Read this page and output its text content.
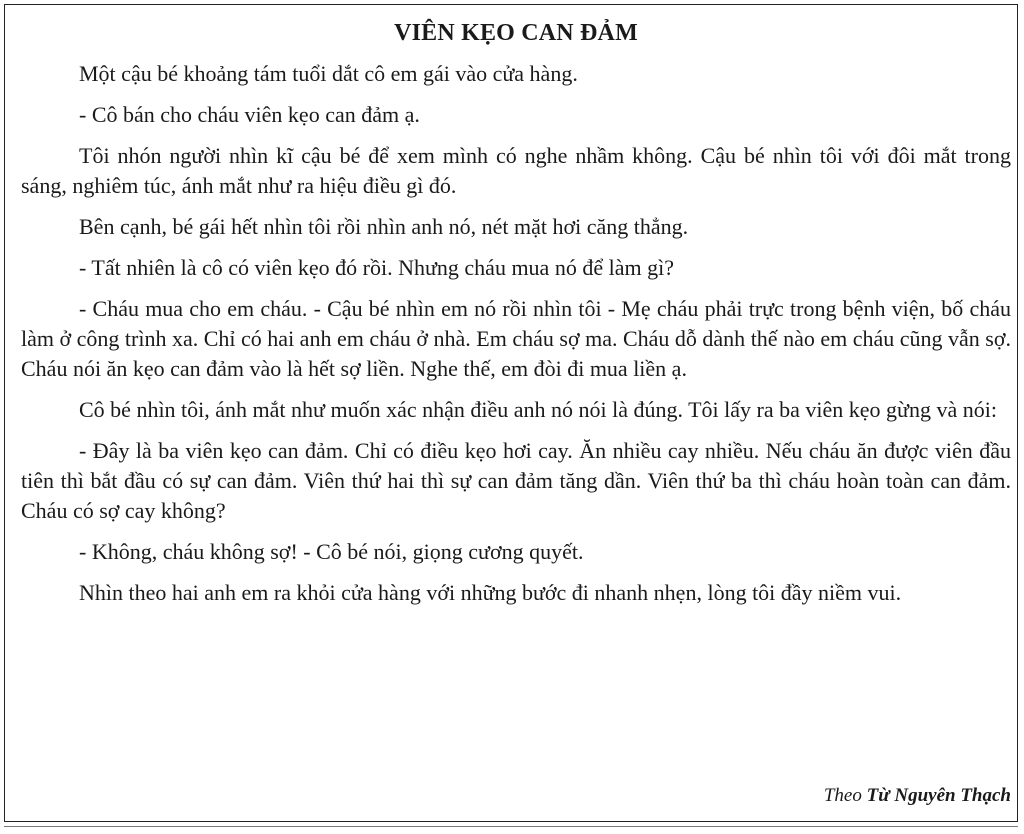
VIÊN KẸO CAN ĐẢM

Một cậu bé khoảng tám tuổi dắt cô em gái vào cửa hàng.

- Cô bán cho cháu viên kẹo can đảm ạ.

Tôi nhón người nhìn kĩ cậu bé để xem mình có nghe nhầm không. Cậu bé nhìn tôi với đôi mắt trong sáng, nghiêm túc, ánh mắt như ra hiệu điều gì đó.

Bên cạnh, bé gái hết nhìn tôi rồi nhìn anh nó, nét mặt hơi căng thẳng.

- Tất nhiên là cô có viên kẹo đó rồi. Nhưng cháu mua nó để làm gì?

- Cháu mua cho em cháu. - Cậu bé nhìn em nó rồi nhìn tôi - Mẹ cháu phải trực trong bệnh viện, bố cháu làm ở công trình xa. Chỉ có hai anh em cháu ở nhà. Em cháu sợ ma. Cháu dỗ dành thế nào em cháu cũng vẫn sợ. Cháu nói ăn kẹo can đảm vào là hết sợ liền. Nghe thế, em đòi đi mua liền ạ.

Cô bé nhìn tôi, ánh mắt như muốn xác nhận điều anh nó nói là đúng. Tôi lấy ra ba viên kẹo gừng và nói:

- Đây là ba viên kẹo can đảm. Chỉ có điều kẹo hơi cay. Ăn nhiều cay nhiều. Nếu cháu ăn được viên đầu tiên thì bắt đầu có sự can đảm. Viên thứ hai thì sự can đảm tăng dần. Viên thứ ba thì cháu hoàn toàn can đảm. Cháu có sợ cay không?

- Không, cháu không sợ! - Cô bé nói, giọng cương quyết.

Nhìn theo hai anh em ra khỏi cửa hàng với những bước đi nhanh nhẹn, lòng tôi đầy niềm vui.

Theo Từ Nguyên Thạch
